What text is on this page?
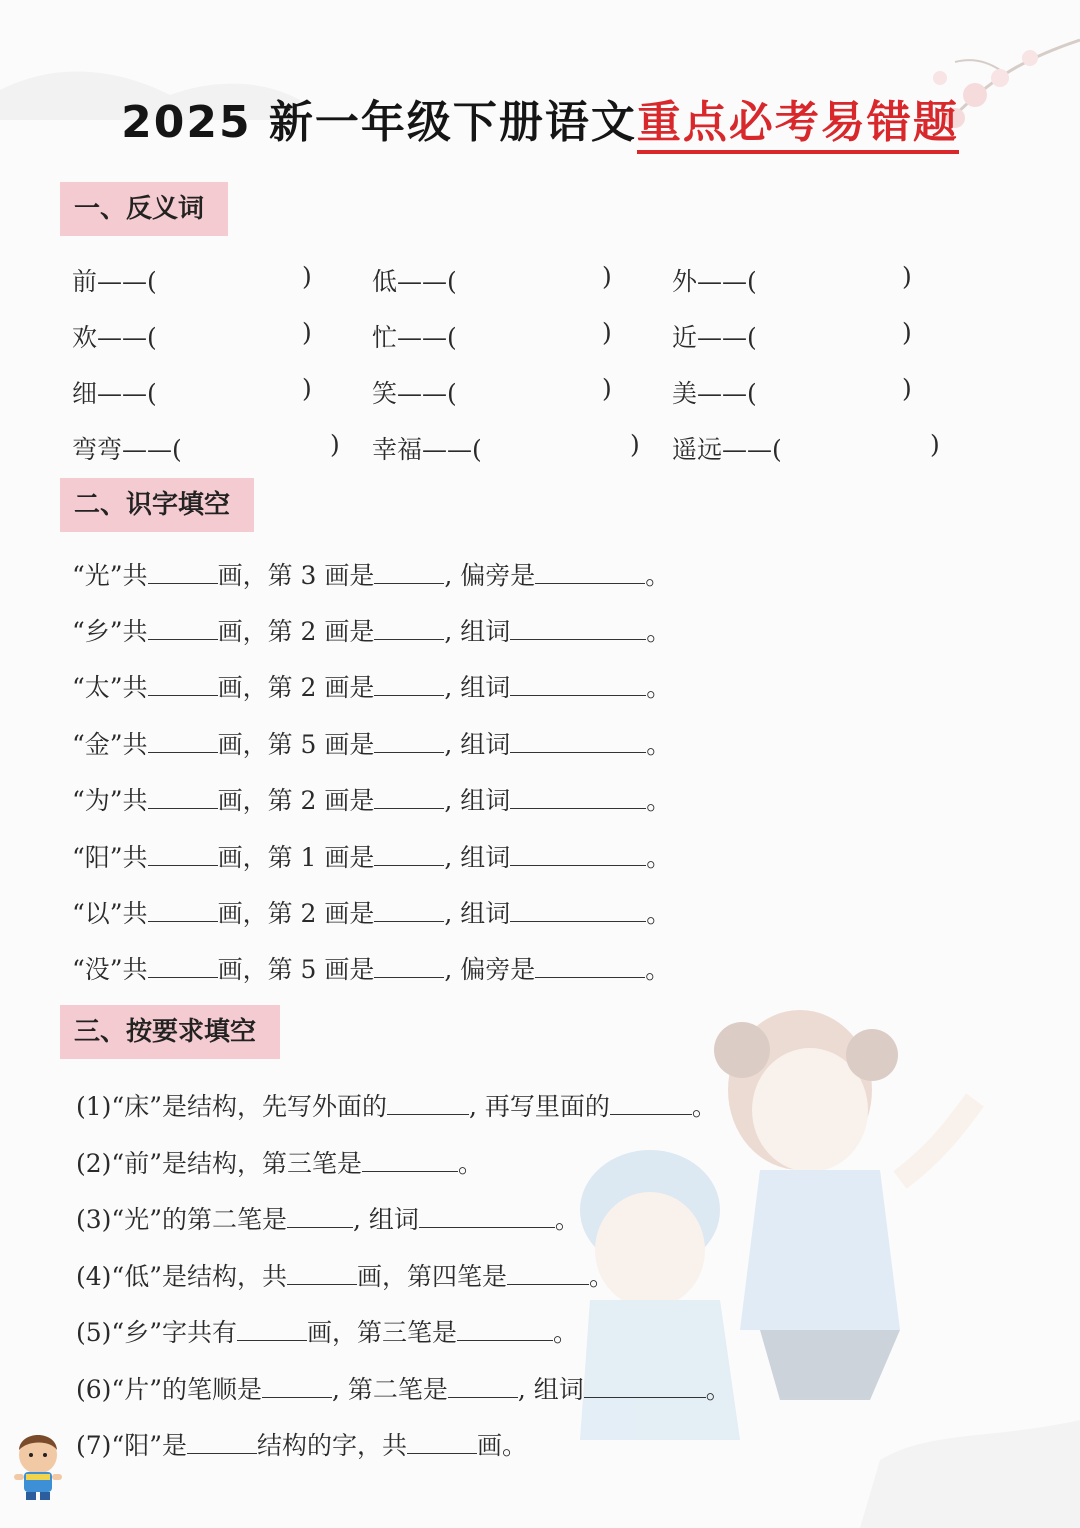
2025 新一年级下册语文重点必考易错题
一、反义词
前——(	) 低——(	) 外——(	)
欢——(	) 忙——(	) 近——(	)
细——(	) 笑——(	) 美——(	)
弯弯——(	) 幸福——(	) 遥远——(	)
二、识字填空
“光”共	画，第 3 画是	, 偏旁是	。
“乡”共	画，第 2 画是	, 组词	。
“太”共	画，第 2 画是	, 组词	。
“金”共	画，第 5 画是	, 组词	。
“为”共	画，第 2 画是	, 组词	。
“阳”共	画，第 1 画是	, 组词	。
“以”共	画，第 2 画是	, 组词	。
“没”共	画，第 5 画是	, 偏旁是	。
三、按要求填空
(1)“床”是结构，先写外面的	, 再写里面的	。
(2)“前”是结构，第三笔是	。
(3)“光”的第二笔是	, 组词	。
(4)“低”是结构，共	画，第四笔是	。
(5)“乡”字共有	画，第三笔是	。
(6)“片”的笔顺是	, 第二笔是	, 组词	。
(7)“阳”是	结构的字，共	画。
